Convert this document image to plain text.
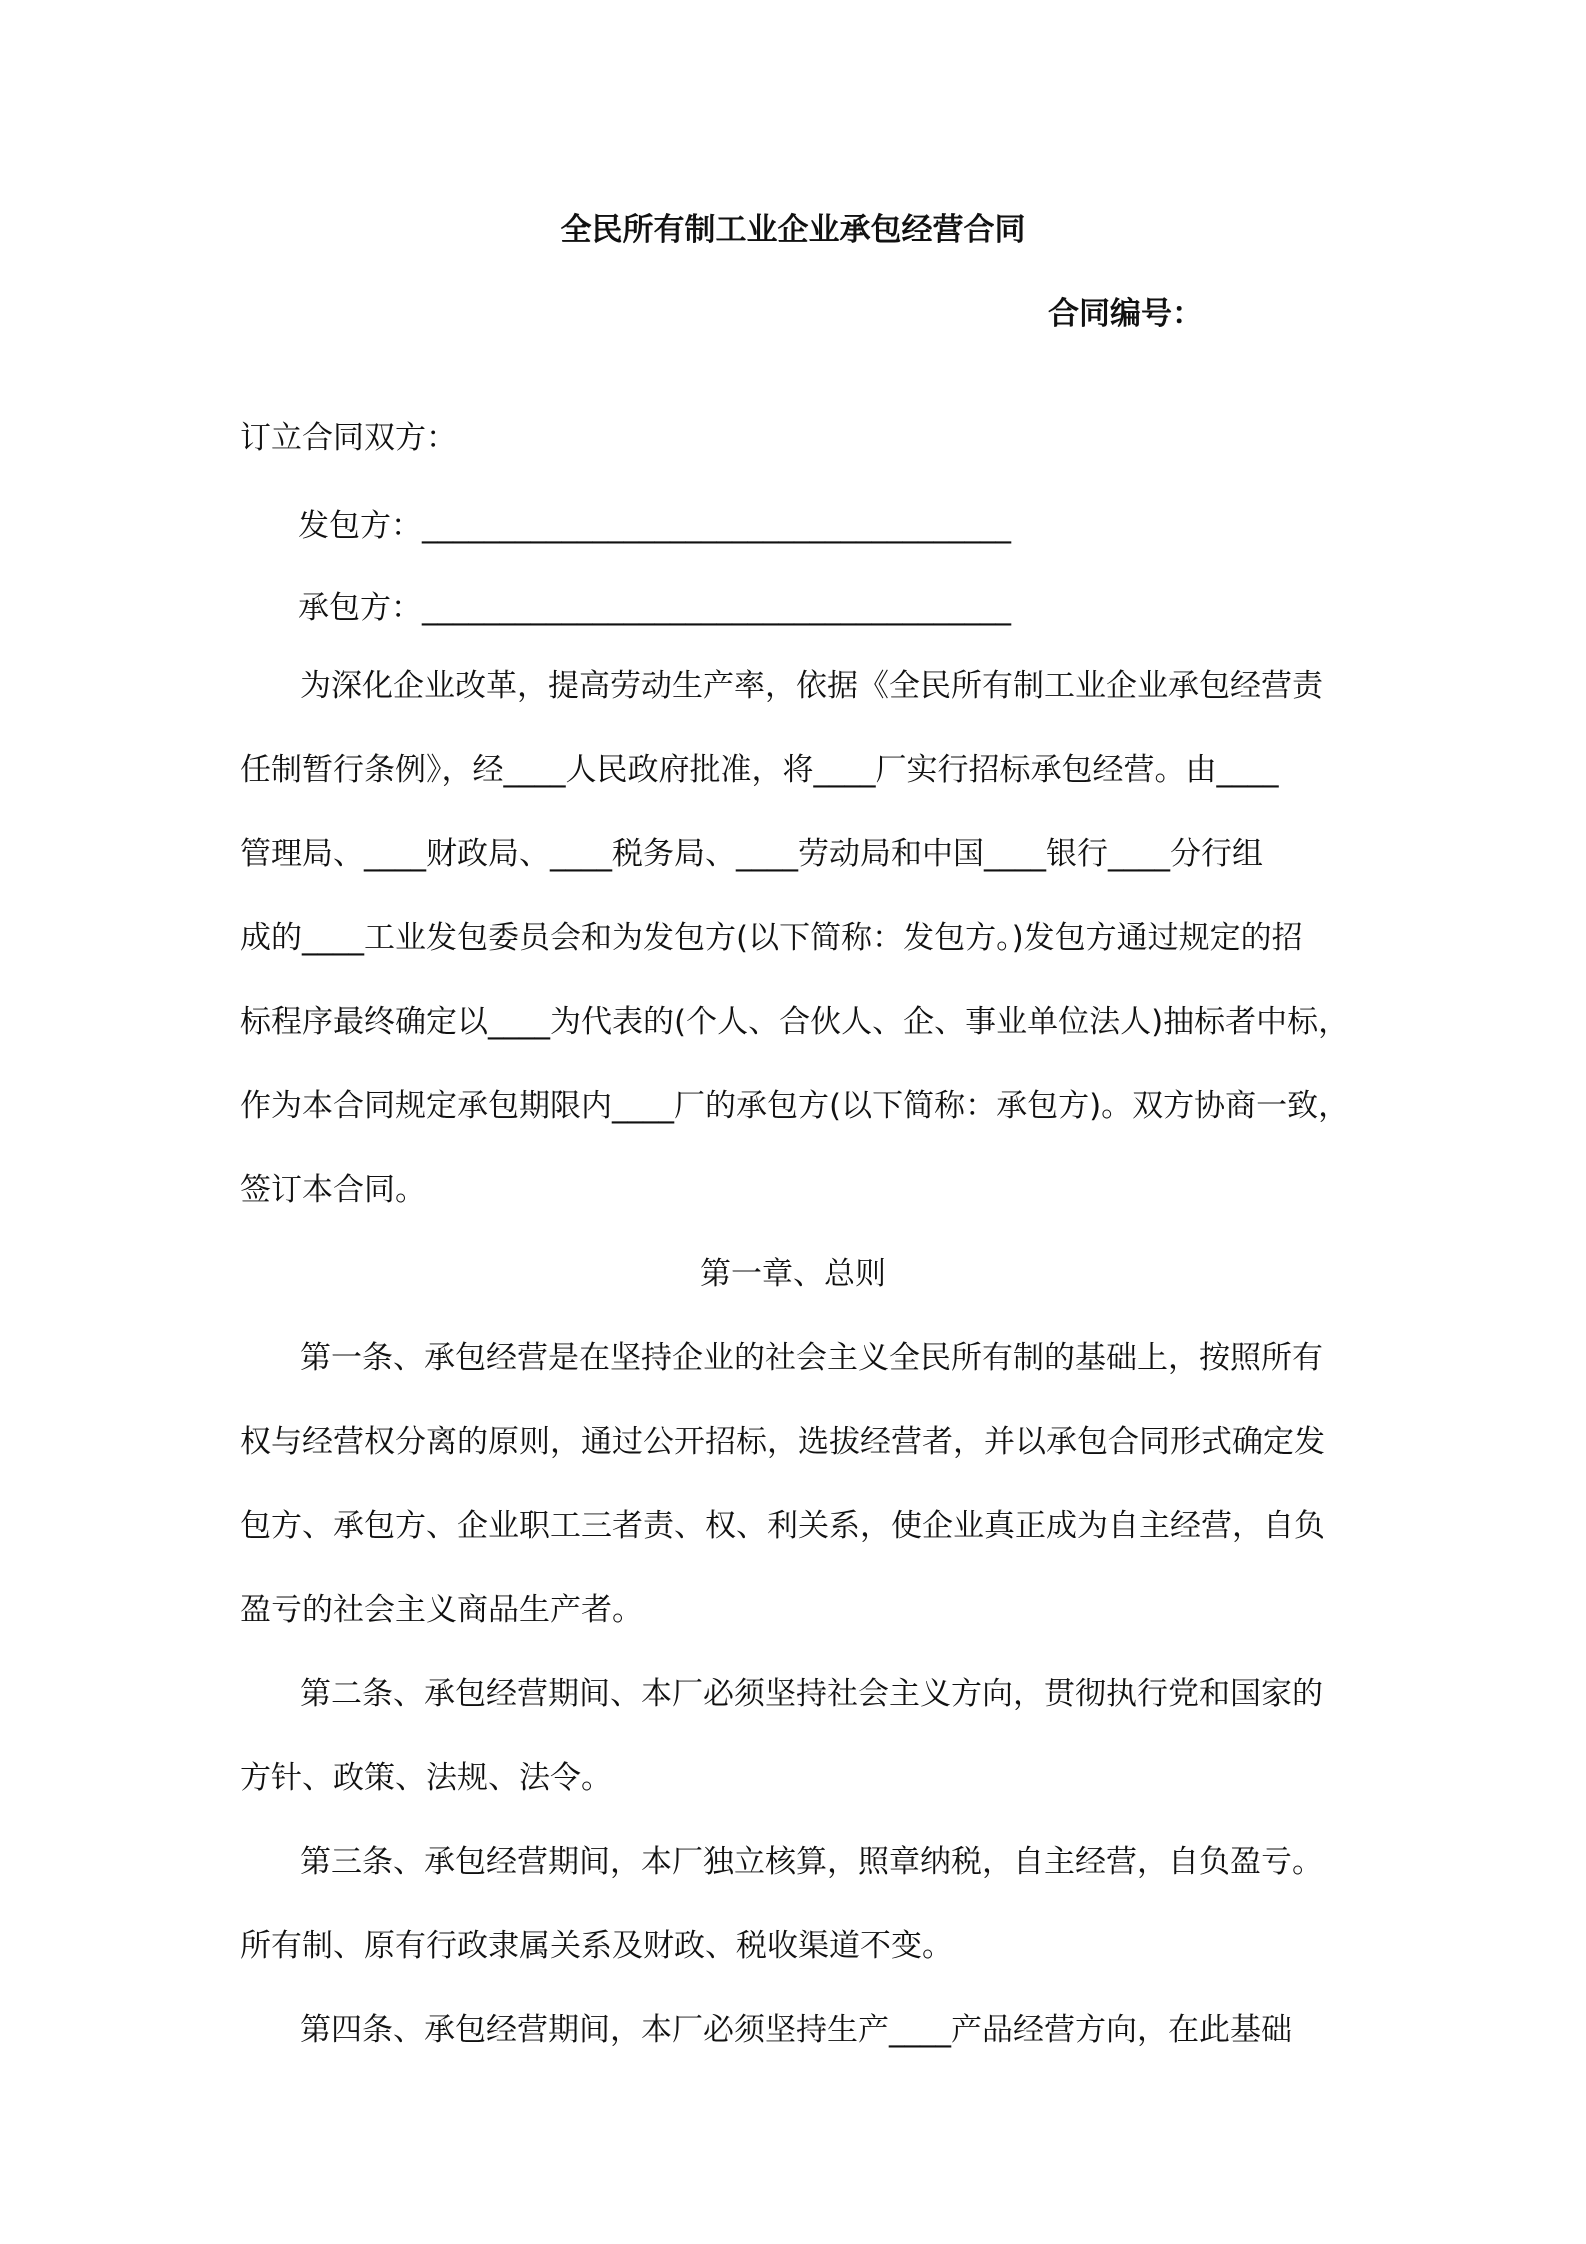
全民所有制工业企业承包经营合同
合同编号：
订立合同双方：
发包方：______________________________________
承包方：______________________________________
为深化企业改革，提高劳动生产率，依据《全民所有制工业企业承包经营责
任制暂行条例》，经____人民政府批准，将____厂实行招标承包经营。由____
管理局、____财政局、____税务局、____劳动局和中国____银行____分行组
成的____工业发包委员会和为发包方(以下简称：发包方。)发包方通过规定的招
标程序最终确定以____为代表的(个人、合伙人、企、事业单位法人)抽标者中标，
作为本合同规定承包期限内____厂的承包方(以下简称：承包方)。双方协商一致，
签订本合同。
第一章、总则
第一条、承包经营是在坚持企业的社会主义全民所有制的基础上，按照所有
权与经营权分离的原则，通过公开招标，选拔经营者，并以承包合同形式确定发
包方、承包方、企业职工三者责、权、利关系，使企业真正成为自主经营，自负
盈亏的社会主义商品生产者。
第二条、承包经营期间、本厂必须坚持社会主义方向，贯彻执行党和国家的
方针、政策、法规、法令。
第三条、承包经营期间，本厂独立核算，照章纳税，自主经营，自负盈亏。
所有制、原有行政隶属关系及财政、税收渠道不变。
第四条、承包经营期间，本厂必须坚持生产____产品经营方向，在此基础
